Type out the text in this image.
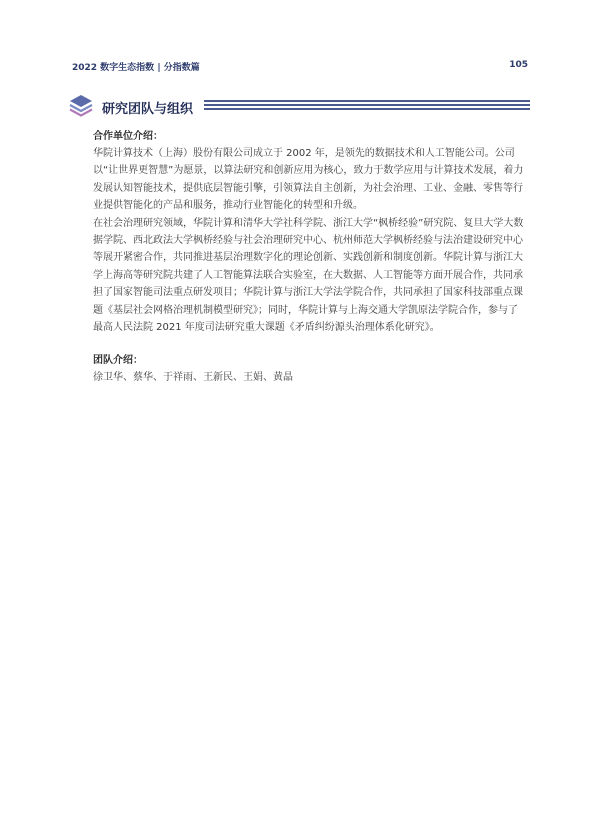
2022 数字生态指数 | 分指数篇	105
研究团队与组织
合作单位介绍：

华院计算技术（上海）股份有限公司成立于 2002 年，是领先的数据技术和人工智能公司。公司以“让世界更智慧”为愿景，以算法研究和创新应用为核心，致力于数学应用与计算技术发展，着力发展认知智能技术，提供底层智能引擎，引领算法自主创新，为社会治理、工业、金融、零售等行业提供智能化的产品和服务，推动行业智能化的转型和升级。

在社会治理研究领域，华院计算和清华大学社科学院、浙江大学“枫桥经验”研究院、复旦大学大数据学院、西北政法大学枫桥经验与社会治理研究中心、杭州师范大学枫桥经验与法治建设研究中心等展开紧密合作，共同推进基层治理数字化的理论创新、实践创新和制度创新。华院计算与浙江大学上海高等研究院共建了人工智能算法联合实验室，在大数据、人工智能等方面开展合作，共同承担了国家智能司法重点研发项目；华院计算与浙江大学法学院合作，共同承担了国家科技部重点课题《基层社会网格治理机制模型研究》；同时，华院计算与上海交通大学凯原法学院合作，参与了最高人民法院 2021 年度司法研究重大课题《矛盾纠纷源头治理体系化研究》。

团队介绍：

徐卫华、蔡华、于祥雨、王新民、王娟、黄晶
